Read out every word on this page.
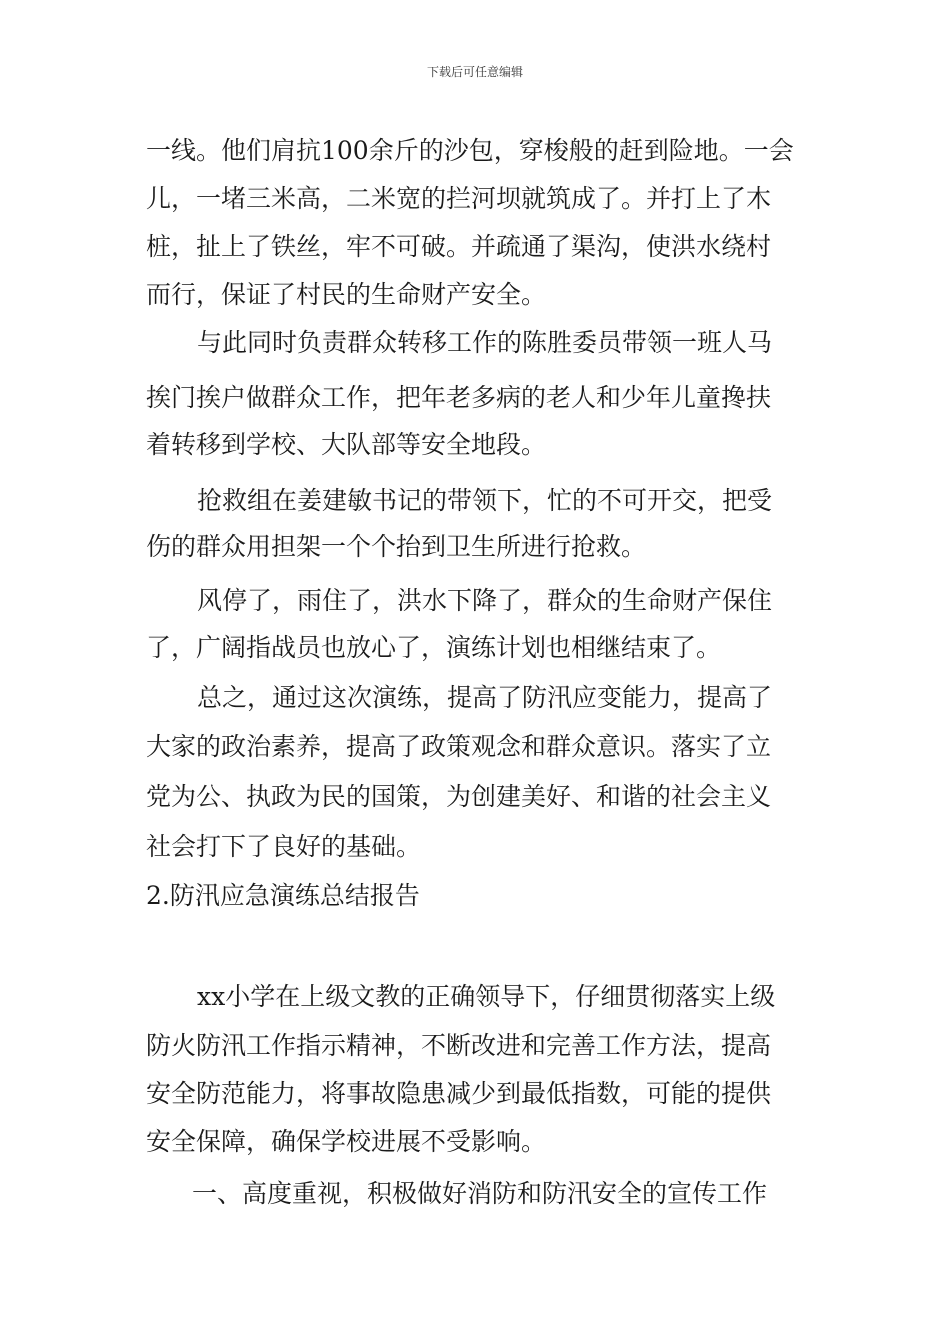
下载后可任意编辑
一线。他们肩抗100余斤的沙包，穿梭般的赶到险地。一会
儿，一堵三米高，二米宽的拦河坝就筑成了。并打上了木
桩，扯上了铁丝，牢不可破。并疏通了渠沟，使洪水绕村
而行，保证了村民的生命财产安全。
与此同时负责群众转移工作的陈胜委员带领一班人马
挨门挨户做群众工作，把年老多病的老人和少年儿童搀扶
着转移到学校、大队部等安全地段。
抢救组在姜建敏书记的带领下，忙的不可开交，把受
伤的群众用担架一个个抬到卫生所进行抢救。
风停了，雨住了，洪水下降了，群众的生命财产保住
了，广阔指战员也放心了，演练计划也相继结束了。
总之，通过这次演练，提高了防汛应变能力，提高了
大家的政治素养，提高了政策观念和群众意识。落实了立
党为公、执政为民的国策，为创建美好、和谐的社会主义
社会打下了良好的基础。
2.防汛应急演练总结报告
xx小学在上级文教的正确领导下，仔细贯彻落实上级
防火防汛工作指示精神，不断改进和完善工作方法，提高
安全防范能力，将事故隐患减少到最低指数，可能的提供
安全保障，确保学校进展不受影响。
一、高度重视，积极做好消防和防汛安全的宣传工作
